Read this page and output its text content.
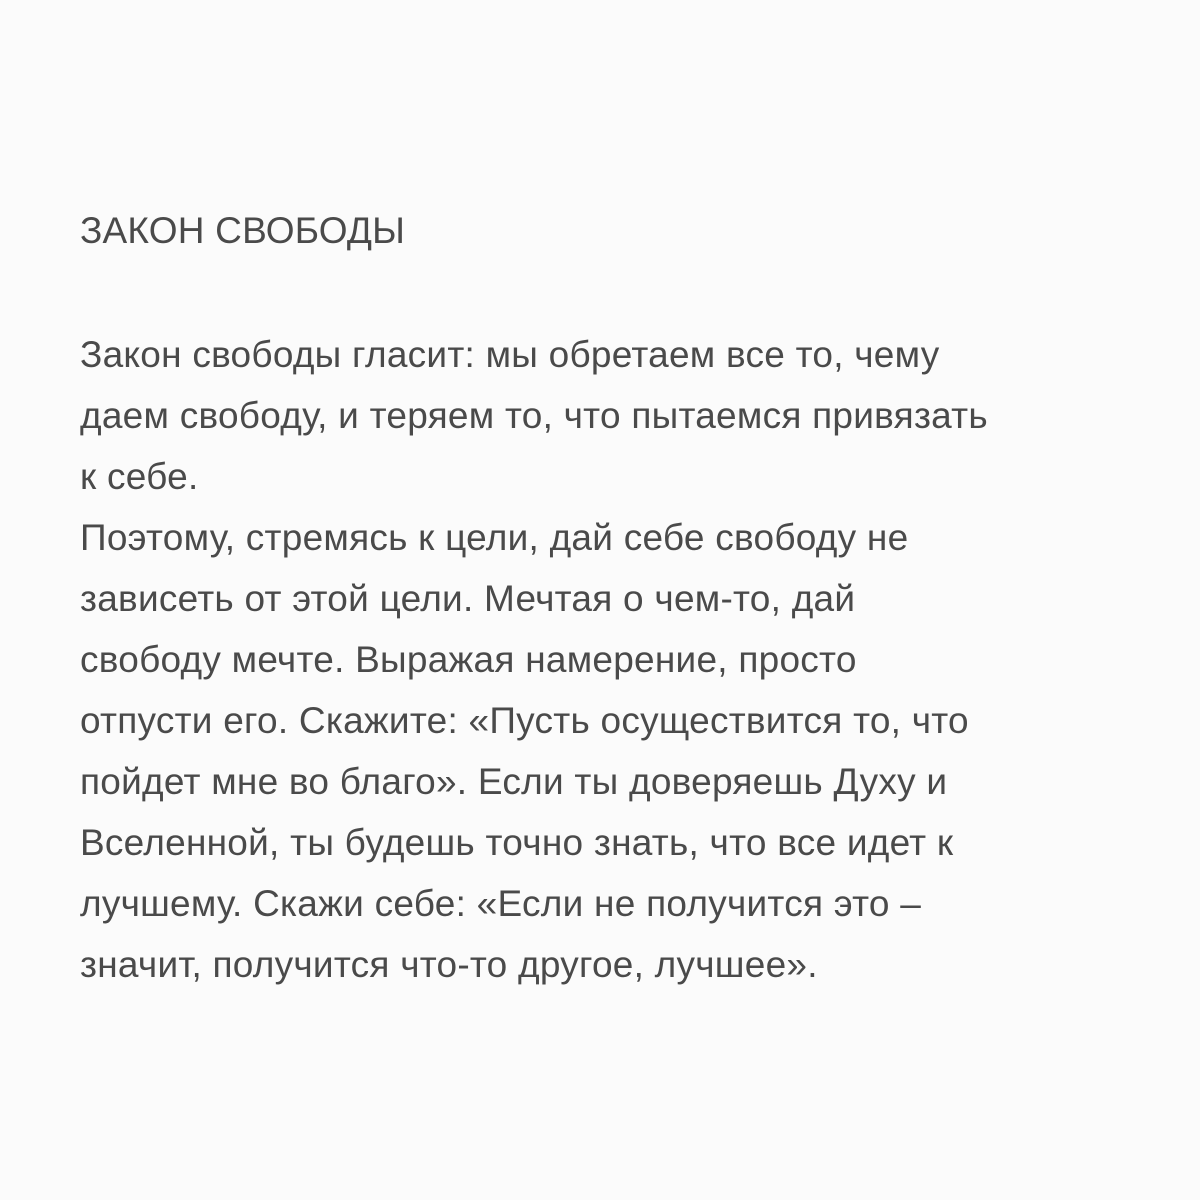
ЗАКОН СВОБОДЫ
Закон свободы гласит: мы обретаем все то, чему
даем свободу, и теряем то, что пытаемся привязать
к себе.
Поэтому, стремясь к цели, дай себе свободу не
зависеть от этой цели. Мечтая о чем-то, дай
свободу мечте. Выражая намерение, просто
отпусти его. Скажите: «Пусть осуществится то, что
пойдет мне во благо». Если ты доверяешь Духу и
Вселенной, ты будешь точно знать, что все идет к
лучшему. Скажи себе: «Если не получится это –
значит, получится что-то другое, лучшее».
